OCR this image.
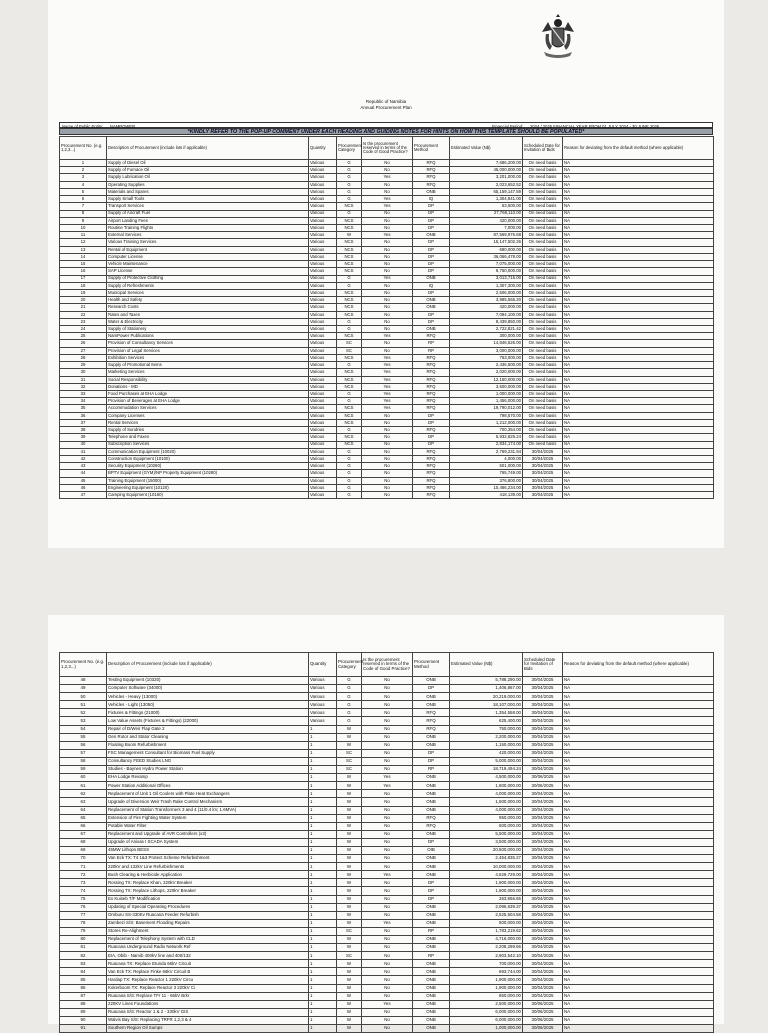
Republic of Namibia
Annual Procurement Plan
Name of Public Entity: NAMPOWER	Financial Period: 2024 / 2025 FINANCIAL YEAR FROM 01 JULY 2024 - 30 JUNE 2025
*KINDLY REFER TO THE POP-UP COMMENT UNDER EACH HEADING AND GUIDING NOTES FOR HINTS ON HOW THIS TEMPLATE SHOULD BE POPULATED*
Procurement No. (e.g. 1,2,3...)	Description of Procurement (include lots if applicable)	Quantity	Procurement Category	Is the procurement reserved in terms of the Code of Good Practice?	Procurement Method	Estimated Value (N$)	Scheduled Date for Invitation of Bids	Reason for deviating from the default method (where applicable)
1	Supply of Diesel Oil	Various	G	No	RFQ	7,686,200.00	On need basis	NA
2	Supply of Furnace Oil	Various	G	No	RFQ	45,000,000.00	On need basis	NA
3	Supply Lubrication Oil	Various	G	Yes	RFQ	3,201,000.00	On need basis	NA
4	Operating Supplies	Various	G	No	RFQ	2,023,652.52	On need basis	NA
5	Materials and Spares	Various	G	No	ONB	65,159,147.59	On need basis	NA
6	Supply Small Tools	Various	G	Yes	IQ	1,304,841.00	On need basis	NA
7	Transport Services	Various	NCS	Yes	DP	63,500.00	On need basis	NA
8	Supply of Aircraft Fuel	Various	G	No	DP	27,768,110.00	On need basis	NA
9	Airport Landing Fees	Various	NCS	No	DP	420,000.00	On need basis	NA
10	Routine Training Flights	Various	NCS	No	DP	7,000.00	On need basis	NA
11	External Services	Various	W	Yes	ONB	87,569,976.68	On need basis	NA
12	Various Training Services	Various	NCS	No	DP	15,147,502.26	On need basis	NA
13	Rental of Equipment	Various	NCS	No	DP	690,000.00	On need basis	NA
14	Computer License	Various	NCS	No	DP	36,066,478.00	On need basis	NA
15	Vehicle Maintenance	Various	NCS	No	DP	7,075,000.00	On need basis	NA
16	SAP License	Various	NCS	No	DP	8,750,000.00	On need basis	NA
17	Supply of Protective Clothing	Various	G	Yes	ONB	3,013,715.00	On need basis	NA
18	Supply of Refreshments	Various	G	No	IQ	1,307,300.00	On need basis	NA
19	Municipal Services	Various	NCS	No	DP	2,506,000.00	On need basis	NA
20	Health and Safety	Various	NCS	No	ONB	3,985,555.20	On need basis	NA
21	Research Costs	Various	NCS	No	ONB	420,000.00	On need basis	NA
22	Rates and Taxes	Various	NCS	No	DP	7,094,100.00	On need basis	NA
23	Water & Electricity	Various	G	No	DP	8,439,850.00	On need basis	NA
24	Supply of Stationery	Various	G	No	ONB	2,722,821.42	On need basis	NA
25	NamPower Publications	Various	NCS	Yes	RFQ	300,000.00	On need basis	NA
26	Provision of Consultancy Services	Various	SC	No	RP	14,846,526.00	On need basis	NA
27	Provision of Legal Services	Various	SC	No	RP	3,000,000.00	On need basis	NA
28	Exhibition Services	Various	NCS	Yes	RFQ	763,000.00	On need basis	NA
29	Supply of Promotional Items	Various	G	Yes	RFQ	2,436,500.00	On need basis	NA
30	Marketing Services	Various	NCS	Yes	RFQ	2,020,000.00	On need basis	NA
31	Social Responsibility	Various	NCS	Yes	RFQ	12,150,000.00	On need basis	NA
32	Donations - MD	Various	NCS	Yes	RFQ	3,500,000.00	On need basis	NA
33	Food Purchases at EHA Lodge	Various	G	Yes	RFQ	1,000,000.00	On need basis	NA
34	Provision of Beverages at EHA Lodge	Various	G	Yes	RFQ	1,456,000.00	On need basis	NA
35	Accommodation Services	Various	NCS	Yes	RFQ	19,790,012.00	On need basis	NA
36	Company Licenses	Various	NCS	No	DP	798,570.00	On need basis	NA
37	Rental Services	Various	NCS	No	DP	1,212,000.00	On need basis	NA
38	Supply of Sundries	Various	G	No	RFQ	700,354.00	On need basis	NA
39	Telephone and Faxes	Various	NCS	No	DP	5,932,825.24	On need basis	NA
40	Subscription Services	Various	NCS	No	DP	2,834,174.00	On need basis	NA
41	Communication Equipment (10020)	Various	G	No	RFQ	2,769,231.94	30/04/2025	NA
42	Construction Equipment (10100)	Various	G	No	RFQ	4,000.00	30/04/2025	NA
43	Security Equipment (10260)	Various	G	No	RFQ	501,000.00	30/04/2025	NA
44	BPTV Equipment (GYM)/NP Property Equipment (10280)	Various	G	No	RFQ	765,749.00	30/04/2025	NA
45	Training Equipment (15000)	Various	G	No	RFQ	376,800.00	30/04/2025	NA
46	Engineering Equipment (10120)	Various	G	No	RFQ	10,466,234.00	30/04/2025	NA
47	Camping Equipment (10160)	Various	G	No	RFQ	418,139.00	30/04/2025	NA
Procurement No. (e.g. 1,2,3...)	Description of Procurement (include lots if applicable)	Quantity	Procurement Category	Is the procurement reserved in terms of the Code of Good Practice?	Procurement Method	Estimated Value (N$)	Scheduled Date for Invitation of Bids	Reason for deviating from the default method (where applicable)
48	Testing Equipment (10320)	Various	G	No	ONB	5,788,290.00	30/04/2025	NA
49	Computer Software (34000)	Various	G	No	DP	1,406,867.00	30/04/2025	NA
50	Vehicles - Heavy (13000)	Various	G	No	ONB	20,219,000.00	30/04/2025	NA
51	Vehicles - Light (13050)	Various	G	No	ONB	18,107,000.00	30/04/2025	NA
52	Fixtures & Fittings (21000)	Various	G	No	RFQ	1,354,558.00	30/04/2025	NA
53	Low Value Assets (Fixtures & Fittings) (22000)	Various	G	No	RFQ	625,400.00	30/04/2025	NA
54	Repair of D/Weir Flap Gate 2	1	W	No	RFQ	750,000.00	30/04/2025	NA
55	Gen Rotor and Stator Cleaning	1	W	No	ONB	2,200,000.00	30/04/2025	NA
56	Floating Boom Refurbishment	1	W	No	ONB	1,150,000.00	30/04/2025	NA
57	FSC Management Consultant for Biomass Fuel Supply	1	SC	No	DP	420,000.00	30/04/2025	NA
58	Consultancy FEED Studies LNG	1	SC	No	DP	5,000,000.00	30/04/2025	NA
59	Studies - Baynes Hydro Power Station	1	SC	No	RP	18,719,494.24	30/04/2025	NA
60	EHA Lodge Revamp	1	W	Yes	ONB	4,500,000.00	30/06/2025	NA
61	Power Station Additional Offices	1	W	Yes	ONB	1,800,000.00	30/06/2025	NA
62	Replacement of Unit 1 Oil Coolers with Plate Heat Exchangers	1	W	No	ONB	4,000,000.00	30/04/2025	NA
63	Upgrade of Diversion Weir Trash Rake Control Mechanism	1	W	No	ONB	1,500,000.00	30/04/2025	NA
64	Replacement of Station Transformers 3 and 4 (11/0.4 kV, 1.6MVA)	1	W	No	ONB	4,000,000.00	30/04/2025	NA
65	Extension of Fire Fighting Water System	1	W	No	RFQ	950,000.00	30/04/2025	NA
66	Potable Water Filter	1	W	No	RFQ	500,000.00	30/04/2025	NA
67	Replacement and Upgrade of AVR Controllers (x3)	1	W	No	ONB	5,500,000.00	30/04/2025	NA
68	Upgrade of Anixas I SCADA System	1	W	No	DP	3,500,000.00	30/04/2025	NA
69	45MW Lithops BESS	1	W	No	OIB	20,500,000.00	30/04/2025	NA
70	Van Eck TX: T4 1&3 Protect Scheme Refurbishment	1	W	No	ONB	2,454,835.27	30/04/2025	NA
71	220kV and 132kV Line Refurbishments	1	W	No	ONB	10,000,000.00	30/04/2025	NA
72	Bush Clearing & Herbicide Application	1	W	Yes	ONB	4,629,729.00	30/04/2025	NA
73	Rossing TX: Replace Khan, 220kV Breaker	1	W	No	DP	1,900,000.00	30/04/2025	NA
74	Rossing TX: Replace Lithops, 220kV Breaker	1	W	No	DP	1,900,000.00	30/04/2025	NA
75	Ex Kuiseb T/F Modification	1	W	No	DP	263,956.65	30/04/2025	NA
76	Updating of Special Operating Procedures	1	W	No	ONB	2,096,639.37	30/04/2025	NA
77	Omburu SS-330Kv Ruacana Feeder Refurbish	1	W	No	ONB	2,525,504.58	30/04/2025	NA
78	Zambezi S/S: Basement Flooding Repairs	1	W	Yes	ONB	500,000.00	30/04/2025	NA
79	Stores Re-Alighment	1	SC	No	RP	1,783,219.62	30/04/2025	NA
80	Replacement of Telephony System with CLD	1	W	No	ONB	4,716,000.00	30/04/2025	NA
81	Ruacana Underground Radio Network Ref	1	W	No	ONB	2,208,299.66	30/04/2025	NA
82	EIA, Obib - Namib 400kV line and 400/132	1	SC	No	RP	2,903,542.10	30/04/2025	NA
83	Ruacana TX: Replace Etunda 66kV Circuit	1	W	No	ONB	700,000.00	30/04/2025	NA
84	Van Eck TX: Replace Finke 66kV Circuit B	1	W	No	ONB	693,744.00	30/04/2025	NA
85	Hardap TX: Replace Reactor 1 220kV Circu	1	W	No	ONB	1,900,000.00	30/04/2025	NA
86	Kokerboom TX: Replace Reactor 3 220kV Ci	1	W	No	ONB	1,900,000.00	30/04/2025	NA
87	Ruacana S/S: Replace TFr 11 - 66kV Brkr	1	W	No	ONB	850,000.00	30/04/2025	NA
88	220KV Lines Foundations	1	W	Yes	ONB	2,500,000.00	30/06/2025	NA
89	Ruacana S/S: Reactor 1 & 2 - 330kV GIS	1	W	No	ONB	6,000,000.00	30/06/2025	NA
90	Walvis Bay S/S: Replacing TRFR 1,2,3 & 4	1	W	No	ONB	6,000,000.00	30/06/2025	NA
91	Southern Region Oil Sumps	1	W	No	ONB	1,000,000.00	30/06/2025	NA
